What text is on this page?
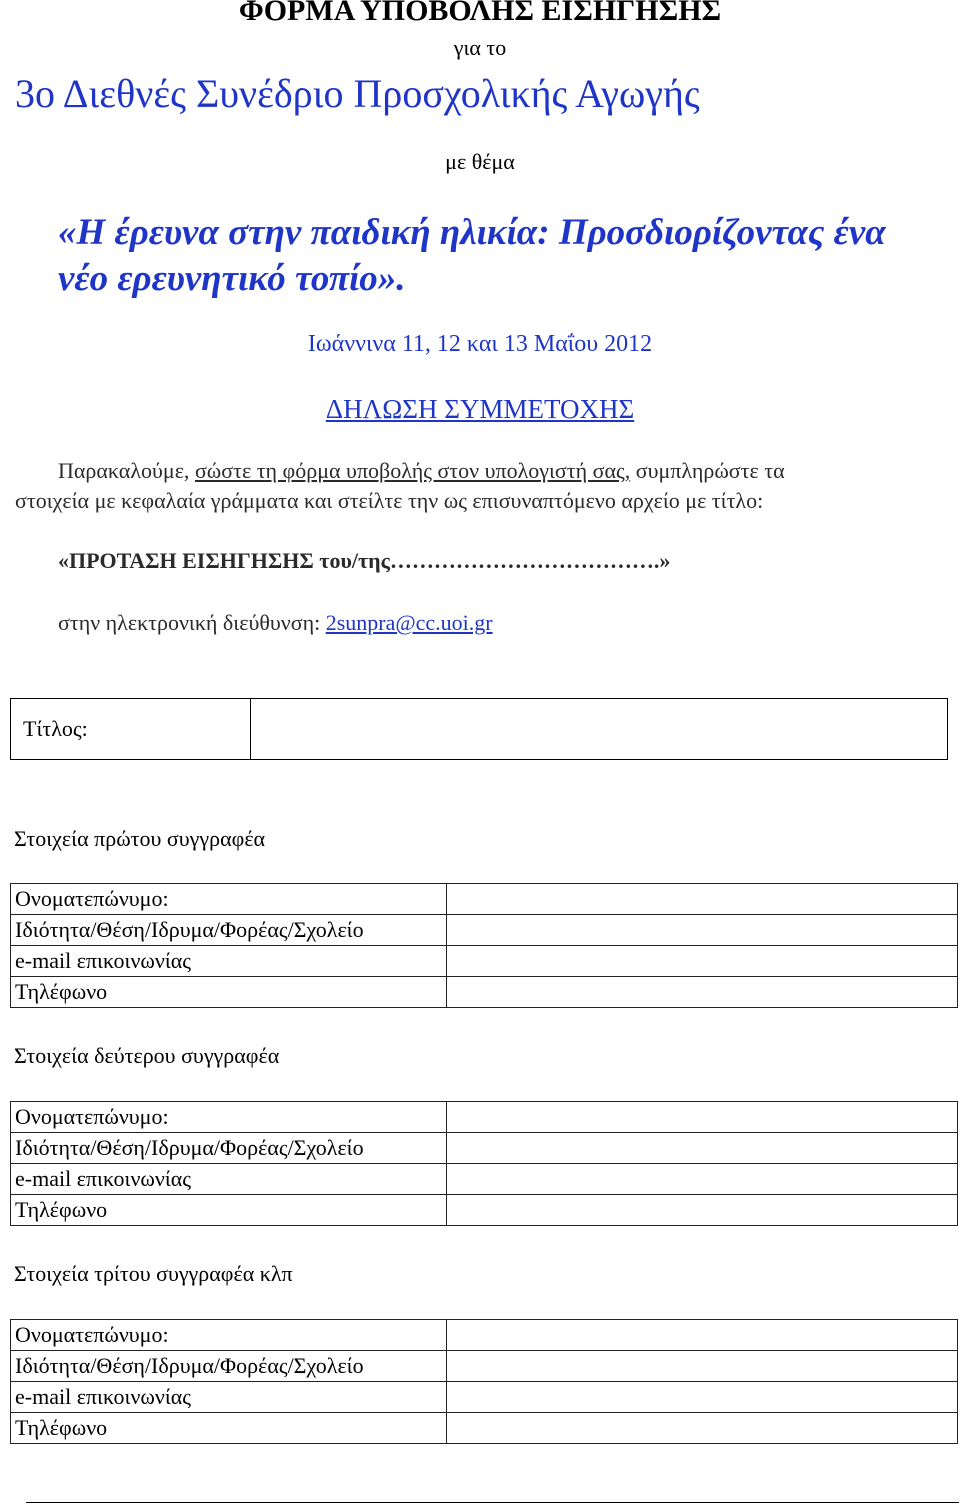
ΦΟΡΜΑ ΥΠΟΒΟΛΗΣ ΕΙΣΗΓΗΣΗΣ
για το
3ο Διεθνές Συνέδριο Προσχολικής Αγωγής
με θέμα
«Η έρευνα στην παιδική ηλικία: Προσδιορίζοντας ένα
νέο ερευνητικό τοπίο».
Ιωάννινα 11, 12 και 13 Μαΐου 2012
ΔΗΛΩΣΗ ΣΥΜΜΕΤΟΧΗΣ
Παρακαλούμε, σώστε τη φόρμα υποβολής στον υπολογιστή σας, συμπληρώστε τα
στοιχεία με κεφαλαία γράμματα και στείλτε την ως επισυναπτόμενο αρχείο με τίτλο:
«ΠΡΟΤΑΣΗ ΕΙΣΗΓΗΣΗΣ του/της……………………………….»
στην ηλεκτρονική διεύθυνση: 2sunpra@cc.uoi.gr
Τίτλος:
Στοιχεία πρώτου συγγραφέα
Ονοματεπώνυμο:	
Ιδιότητα/Θέση/Ιδρυμα/Φορέας/Σχολείο	
e-mail επικοινωνίας	
Τηλέφωνο	
Στοιχεία δεύτερου συγγραφέα
Ονοματεπώνυμο:	
Ιδιότητα/Θέση/Ιδρυμα/Φορέας/Σχολείο	
e-mail επικοινωνίας	
Τηλέφωνο	
Στοιχεία τρίτου συγγραφέα κλπ
Ονοματεπώνυμο:	
Ιδιότητα/Θέση/Ιδρυμα/Φορέας/Σχολείο	
e-mail επικοινωνίας	
Τηλέφωνο	
